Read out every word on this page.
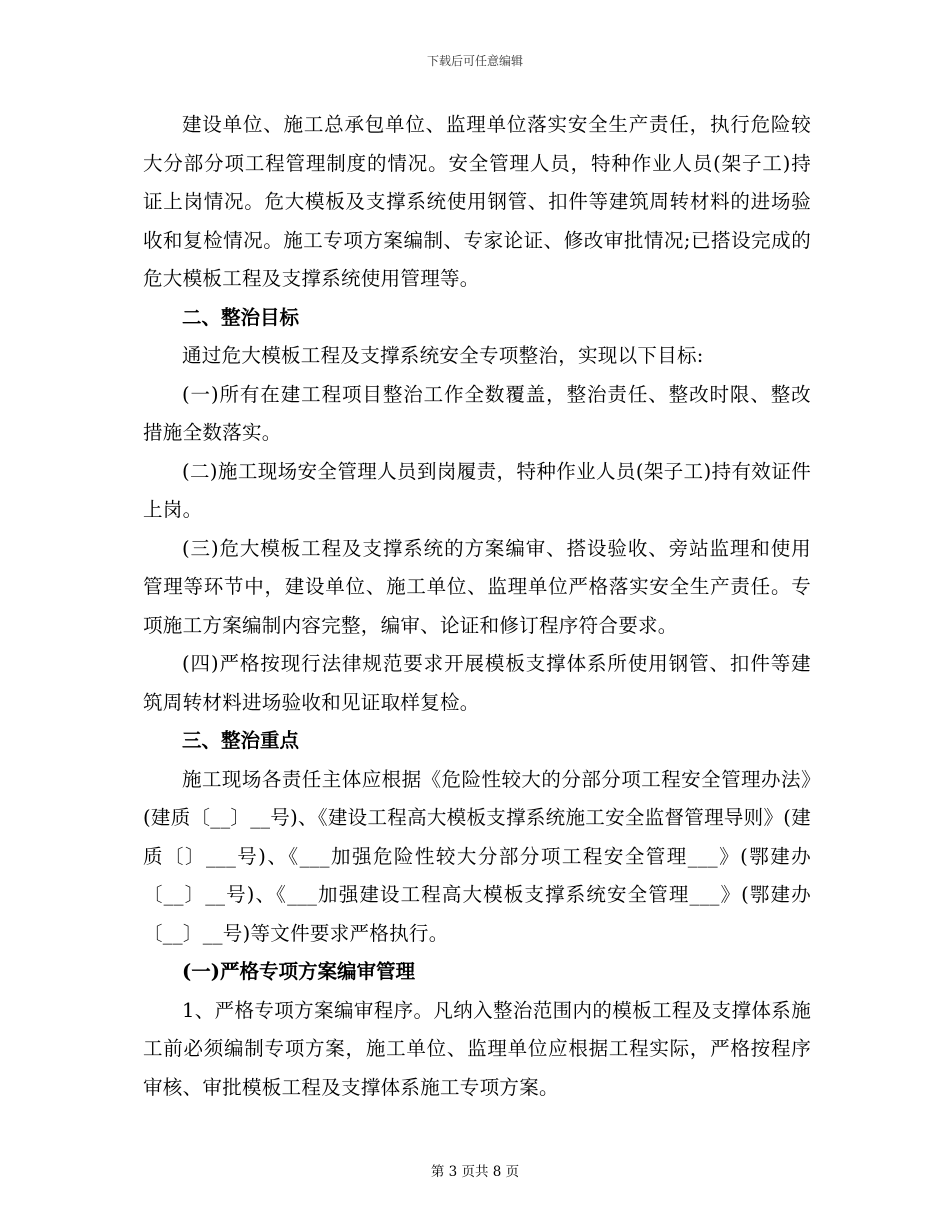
下载后可任意编辑

建设单位、施工总承包单位、监理单位落实安全生产责任，执行危险较大分部分项工程管理制度的情况。安全管理人员，特种作业人员(架子工)持证上岗情况。危大模板及支撑系统使用钢管、扣件等建筑周转材料的进场验收和复检情况。施工专项方案编制、专家论证、修改审批情况;已搭设完成的危大模板工程及支撑系统使用管理等。

二、整治目标

通过危大模板工程及支撑系统安全专项整治，实现以下目标:

(一)所有在建工程项目整治工作全数覆盖，整治责任、整改时限、整改措施全数落实。

(二)施工现场安全管理人员到岗履责，特种作业人员(架子工)持有效证件上岗。

(三)危大模板工程及支撑系统的方案编审、搭设验收、旁站监理和使用管理等环节中，建设单位、施工单位、监理单位严格落实安全生产责任。专项施工方案编制内容完整，编审、论证和修订程序符合要求。

(四)严格按现行法律规范要求开展模板支撑体系所使用钢管、扣件等建筑周转材料进场验收和见证取样复检。

三、整治重点

施工现场各责任主体应根据《危险性较大的分部分项工程安全管理办法》(建质〔__〕__号)、《建设工程高大模板支撑系统施工安全监督管理导则》(建质〔〕___号)、《___加强危险性较大分部分项工程安全管理___》(鄂建办〔__〕__号)、《___加强建设工程高大模板支撑系统安全管理___》(鄂建办〔__〕__号)等文件要求严格执行。

(一)严格专项方案编审管理

1、严格专项方案编审程序。凡纳入整治范围内的模板工程及支撑体系施工前必须编制专项方案，施工单位、监理单位应根据工程实际，严格按程序审核、审批模板工程及支撑体系施工专项方案。

第 3 页共 8 页
